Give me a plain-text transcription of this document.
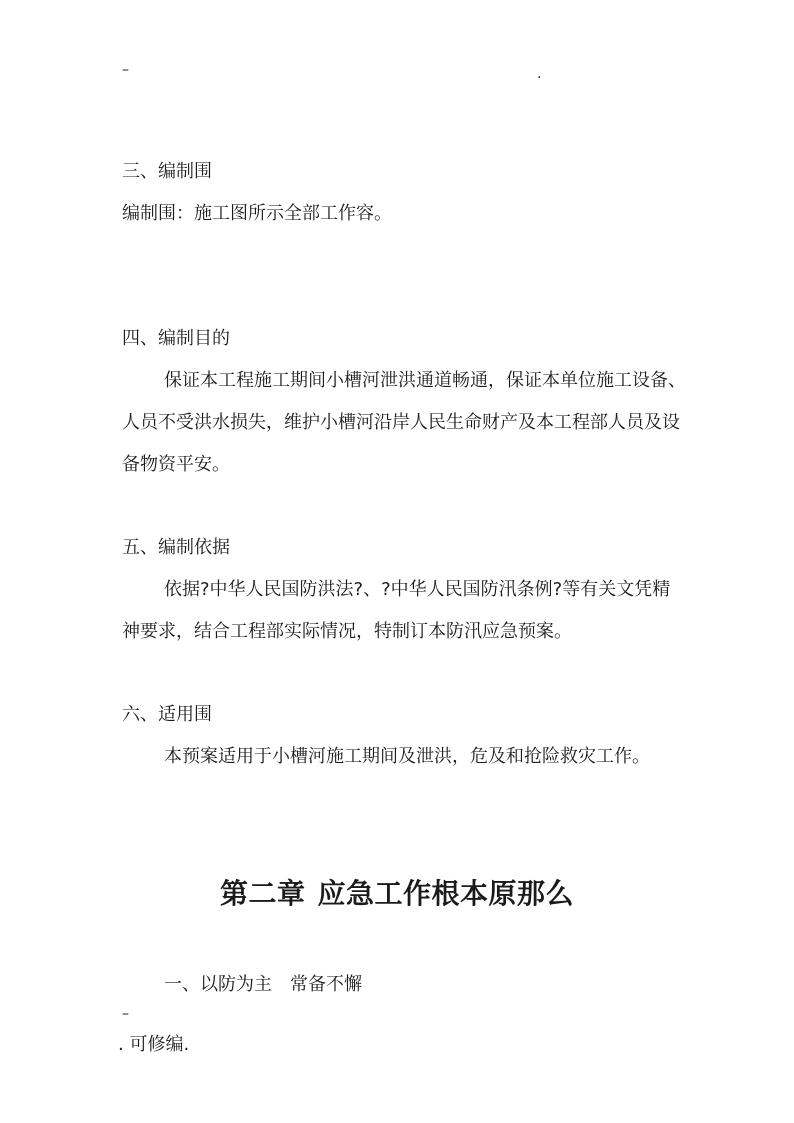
–	.
三、编制围
编制围：施工图所示全部工作容。
四、编制目的
保证本工程施工期间小槽河泄洪通道畅通，保证本单位施工设备、
人员不受洪水损失，维护小槽河沿岸人民生命财产及本工程部人员及设
备物资平安。
五、编制依据
依据?中华人民国防洪法?、?中华人民国防汛条例?等有关文凭精
神要求，结合工程部实际情况，特制订本防汛应急预案。
六、适用围
本预案适用于小槽河施工期间及泄洪，危及和抢险救灾工作。
第二章 应急工作根本原那么
一、以防为主　常备不懈
–
. 可修编.
